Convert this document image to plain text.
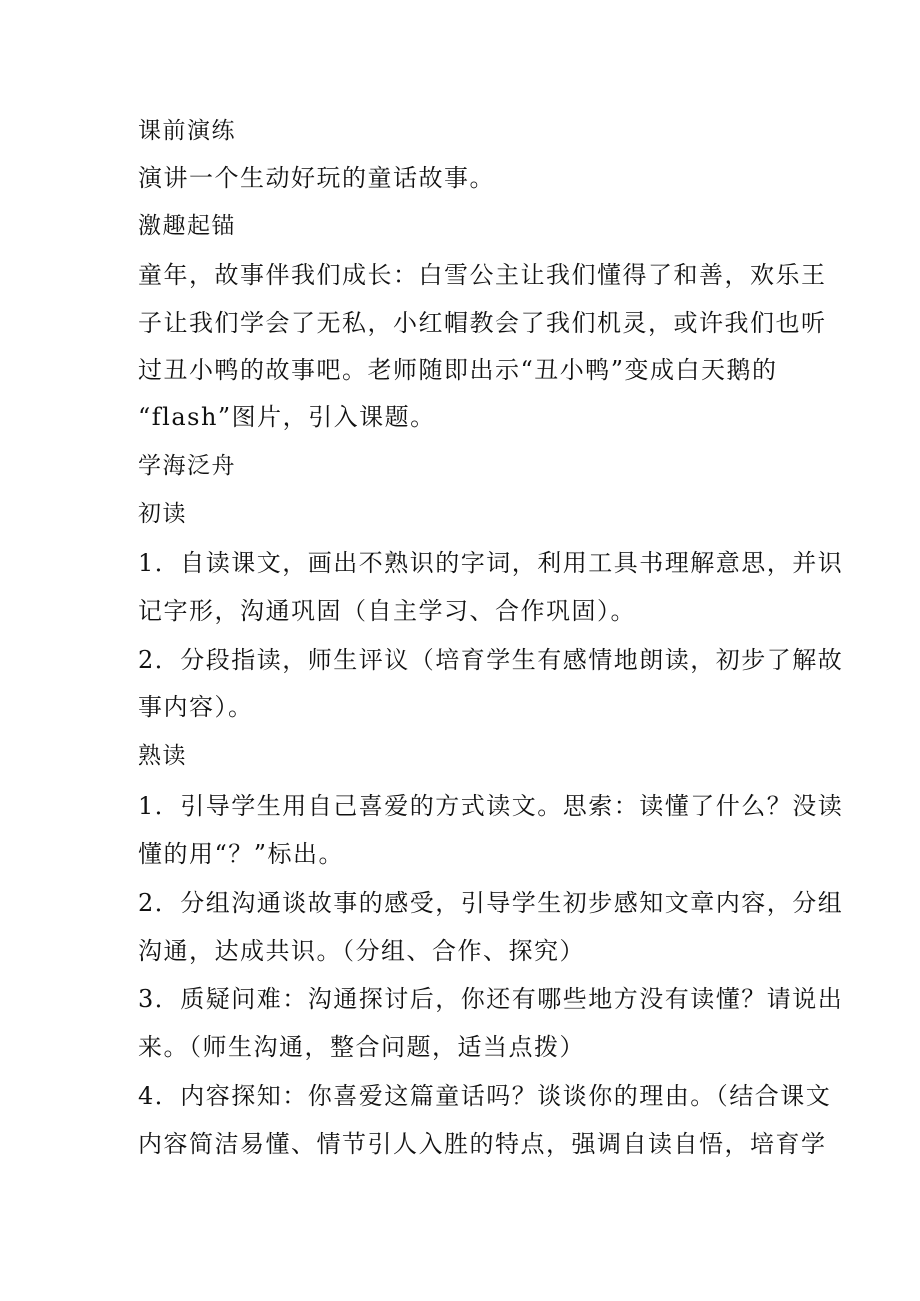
课前演练
演讲一个生动好玩的童话故事。
激趣起锚
童年，故事伴我们成长：白雪公主让我们懂得了和善，欢乐王
子让我们学会了无私，小红帽教会了我们机灵，或许我们也听
过丑小鸭的故事吧。老师随即出示“丑小鸭”变成白天鹅的
“flash”图片，引入课题。
学海泛舟
初读
1．自读课文，画出不熟识的字词，利用工具书理解意思，并识
记字形，沟通巩固（自主学习、合作巩固）。
2．分段指读，师生评议（培育学生有感情地朗读，初步了解故
事内容）。
熟读
1．引导学生用自己喜爱的方式读文。思索：读懂了什么？没读
懂的用“？”标出。
2．分组沟通谈故事的感受，引导学生初步感知文章内容，分组
沟通，达成共识。（分组、合作、探究）
3．质疑问难：沟通探讨后，你还有哪些地方没有读懂？请说出
来。（师生沟通，整合问题，适当点拨）
4．内容探知：你喜爱这篇童话吗？谈谈你的理由。（结合课文
内容简洁易懂、情节引人入胜的特点，强调自读自悟，培育学
